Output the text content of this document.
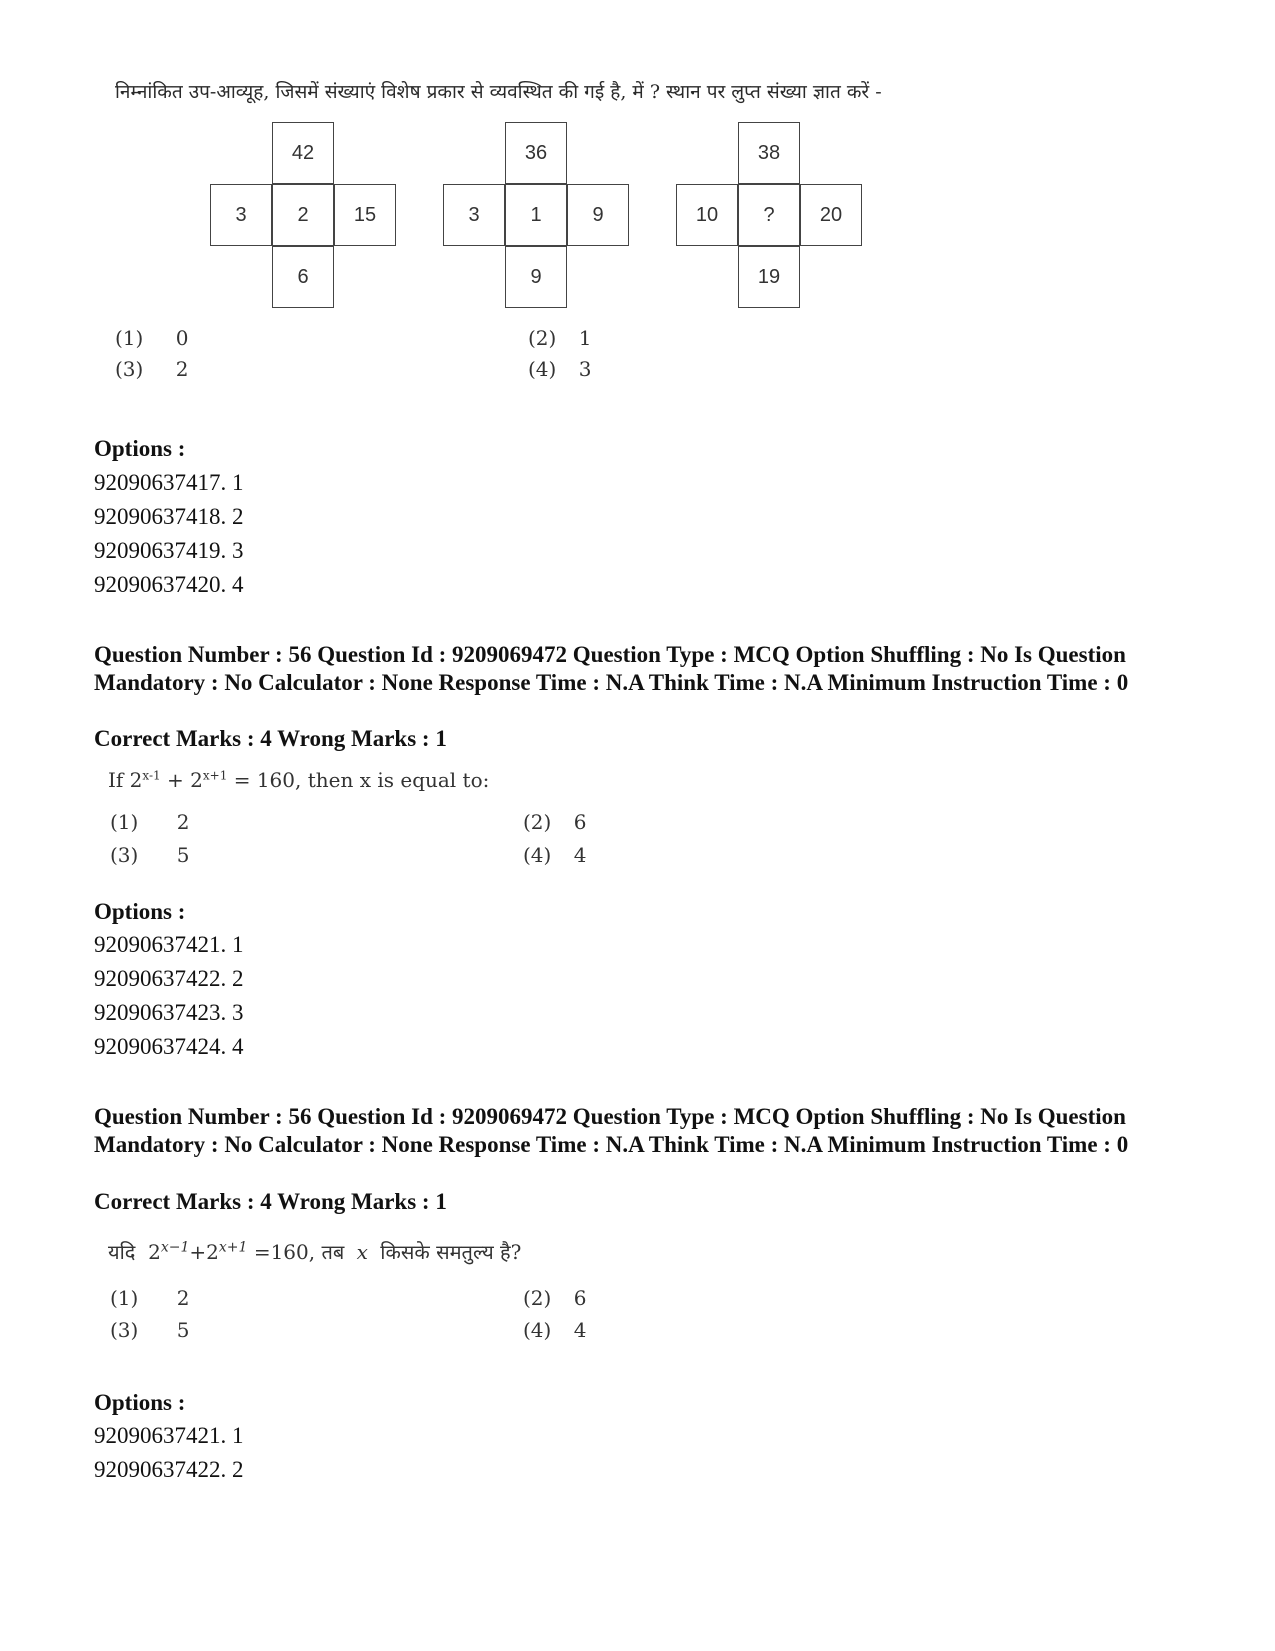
निम्नांकित उप-आव्यूह, जिसमें संख्याएं विशेष प्रकार से व्यवस्थित की गई है, में ? स्थान पर लुप्त संख्या ज्ञात करें -
42
3	2	15
6
36
3	1	9
9
38
10	?	20
19
(1) 0	(2) 1
(3) 2	(4) 3
Options :
92090637417. 1
92090637418. 2
92090637419. 3
92090637420. 4
Question Number : 56 Question Id : 9209069472 Question Type : MCQ Option Shuffling : No Is Question Mandatory : No Calculator : None Response Time : N.A Think Time : N.A Minimum Instruction Time : 0
Correct Marks : 4 Wrong Marks : 1
If $2^{x-1} + 2^{x+1} = 160$, then x is equal to:
(1) 2	(2) 6
(3) 5	(4) 4
Options :
92090637421. 1
92090637422. 2
92090637423. 3
92090637424. 4
Question Number : 56 Question Id : 9209069472 Question Type : MCQ Option Shuffling : No Is Question Mandatory : No Calculator : None Response Time : N.A Think Time : N.A Minimum Instruction Time : 0
Correct Marks : 4 Wrong Marks : 1
यदि $2^{x-1}+2^{x+1} =160$, तब x किसके समतुल्य है?
(1) 2	(2) 6
(3) 5	(4) 4
Options :
92090637421. 1
92090637422. 2
